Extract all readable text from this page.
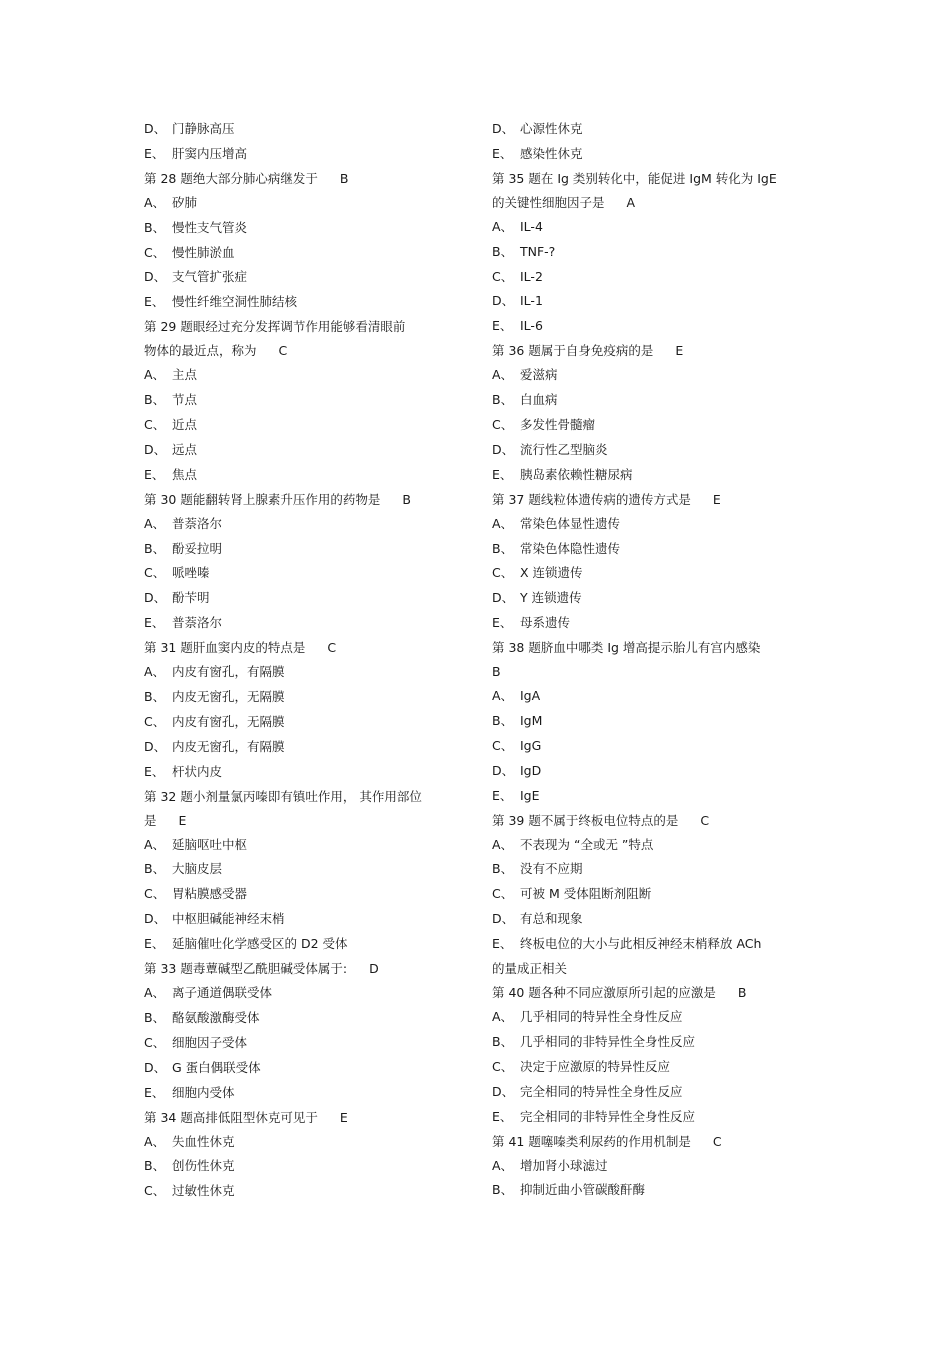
D、 门静脉高压
E、 肝窦内压增高
第 28 题绝大部分肺心病继发于 B
A、 矽肺
B、 慢性支气管炎
C、 慢性肺淤血
D、 支气管扩张症
E、 慢性纤维空洞性肺结核
第 29 题眼经过充分发挥调节作用能够看清眼前
物体的最近点，称为 C
A、 主点
B、 节点
C、 近点
D、 远点
E、 焦点
第 30 题能翻转肾上腺素升压作用的药物是 B
A、 普萘洛尔
B、 酚妥拉明
C、 哌唑嗪
D、 酚苄明
E、 普萘洛尔
第 31 题肝血窦内皮的特点是 C
A、 内皮有窗孔，有隔膜
B、 内皮无窗孔，无隔膜
C、 内皮有窗孔，无隔膜
D、 内皮无窗孔，有隔膜
E、 杆状内皮
第 32 题小剂量氯丙嗪即有镇吐作用， 其作用部位
是 E
A、 延脑呕吐中枢
B、 大脑皮层
C、 胃粘膜感受器
D、 中枢胆碱能神经末梢
E、 延脑催吐化学感受区的 D2 受体
第 33 题毒蕈碱型乙酰胆碱受体属于: D
A、 离子通道偶联受体
B、 酪氨酸激酶受体
C、 细胞因子受体
D、 G 蛋白偶联受体
E、 细胞内受体
第 34 题高排低阻型休克可见于 E
A、 失血性休克
B、 创伤性休克
C、 过敏性休克
D、 心源性休克
E、 感染性休克
第 35 题在 Ig 类别转化中，能促进 IgM 转化为 IgE
的关键性细胞因子是 A
A、 IL-4
B、 TNF-?
C、 IL-2
D、 IL-1
E、 IL-6
第 36 题属于自身免疫病的是 E
A、 爱滋病
B、 白血病
C、 多发性骨髓瘤
D、 流行性乙型脑炎
E、 胰岛素依赖性糖尿病
第 37 题线粒体遗传病的遗传方式是 E
A、 常染色体显性遗传
B、 常染色体隐性遗传
C、 X 连锁遗传
D、 Y 连锁遗传
E、 母系遗传
第 38 题脐血中哪类 Ig 增高提示胎儿有宫内感染
B
A、 IgA
B、 IgM
C、 IgG
D、 IgD
E、 IgE
第 39 题不属于终板电位特点的是 C
A、 不表现为 “全或无 ”特点
B、 没有不应期
C、 可被 M 受体阻断剂阻断
D、 有总和现象
E、 终板电位的大小与此相反神经末梢释放 ACh
的量成正相关
第 40 题各种不同应激原所引起的应激是 B
A、 几乎相同的特异性全身性反应
B、 几乎相同的非特异性全身性反应
C、 决定于应激原的特异性反应
D、 完全相同的特异性全身性反应
E、 完全相同的非特异性全身性反应
第 41 题噻嗪类利尿药的作用机制是 C
A、 增加肾小球滤过
B、 抑制近曲小管碳酸酐酶
